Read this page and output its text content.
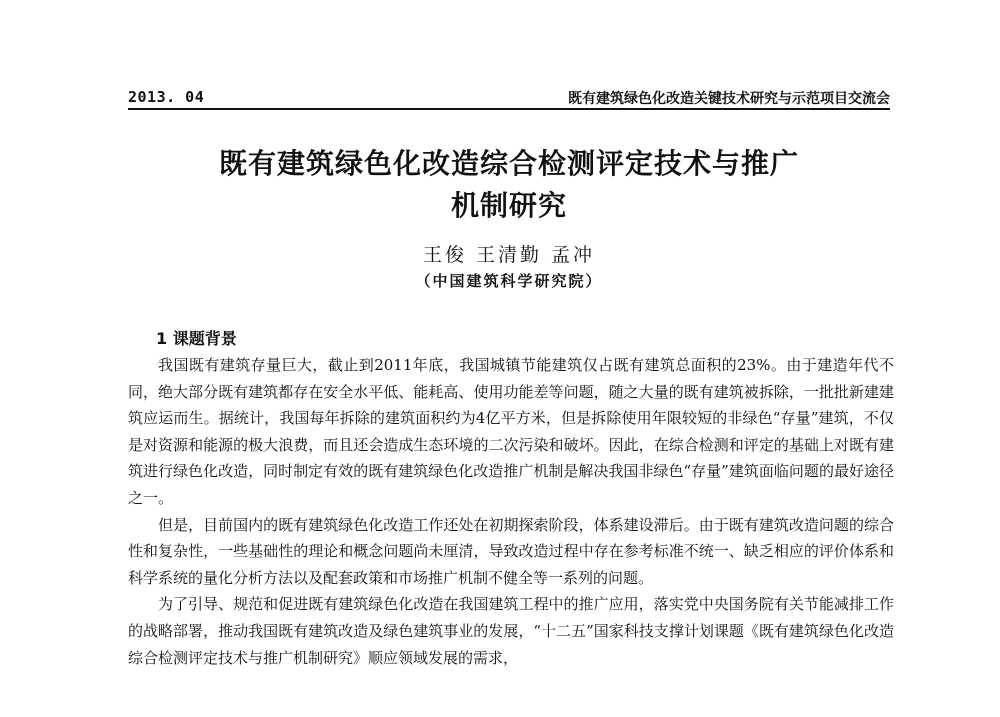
2013. 04	既有建筑绿色化改造关键技术研究与示范项目交流会
既有建筑绿色化改造综合检测评定技术与推广
机制研究
王俊 王清勤 孟冲
（中国建筑科学研究院）
1 课题背景

我国既有建筑存量巨大，截止到2011年底，我国城镇节能建筑仅占既有建筑总面积的23%。由于建造年代不同，绝大部分既有建筑都存在安全水平低、能耗高、使用功能差等问题，随之大量的既有建筑被拆除，一批批新建建筑应运而生。据统计，我国每年拆除的建筑面积约为4亿平方米，但是拆除使用年限较短的非绿色“存量”建筑，不仅是对资源和能源的极大浪费，而且还会造成生态环境的二次污染和破坏。因此，在综合检测和评定的基础上对既有建筑进行绿色化改造，同时制定有效的既有建筑绿色化改造推广机制是解决我国非绿色“存量”建筑面临问题的最好途径之一。

但是，目前国内的既有建筑绿色化改造工作还处在初期探索阶段，体系建设滞后。由于既有建筑改造问题的综合性和复杂性，一些基础性的理论和概念问题尚未厘清，导致改造过程中存在参考标准不统一、缺乏相应的评价体系和科学系统的量化分析方法以及配套政策和市场推广机制不健全等一系列的问题。

为了引导、规范和促进既有建筑绿色化改造在我国建筑工程中的推广应用，落实党中央国务院有关节能减排工作的战略部署，推动我国既有建筑改造及绿色建筑事业的发展，“十二五”国家科技支撑计划课题《既有建筑绿色化改造综合检测评定技术与推广机制研究》顺应领域发展的需求，
